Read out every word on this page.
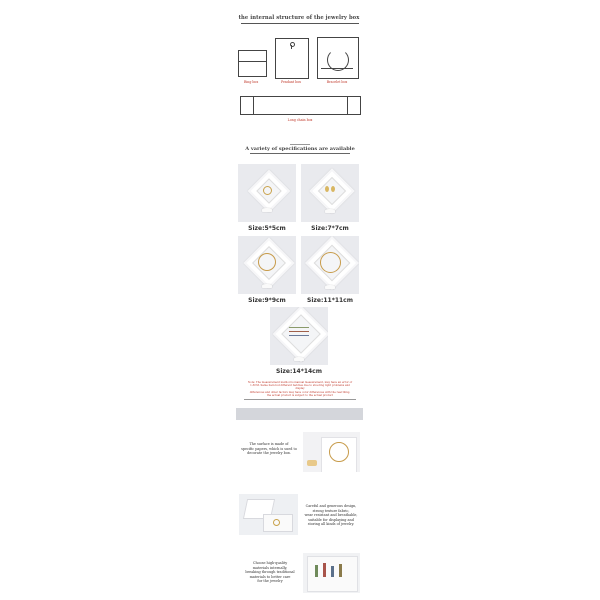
the internal structure of the jewelry box
Ring box	Pendant box	Bracelet box
Long chain box
A variety of specifications are available
Size:5*5cm	Size:7*7cm
Size:9*9cm	Size:11*11cm
Size:14*14cm
Note: The measurement method is manual measurement, may have an error of
1-3CM. Same item but different batches due to shooting light problems and display
differences and other factors may have color differences with the real thing,
the actual product is subject to the actual product
The surface is made of
specific papers, which is used to
decorate the jewelry box.
Careful and generous design,
strong texture fabric,
wear resistant and breathable,
suitable for displaying and
storing all kinds of jewelry.
Choose high-quality
materials internally,
breaking through traditional
materials to better care
for the jewelry
